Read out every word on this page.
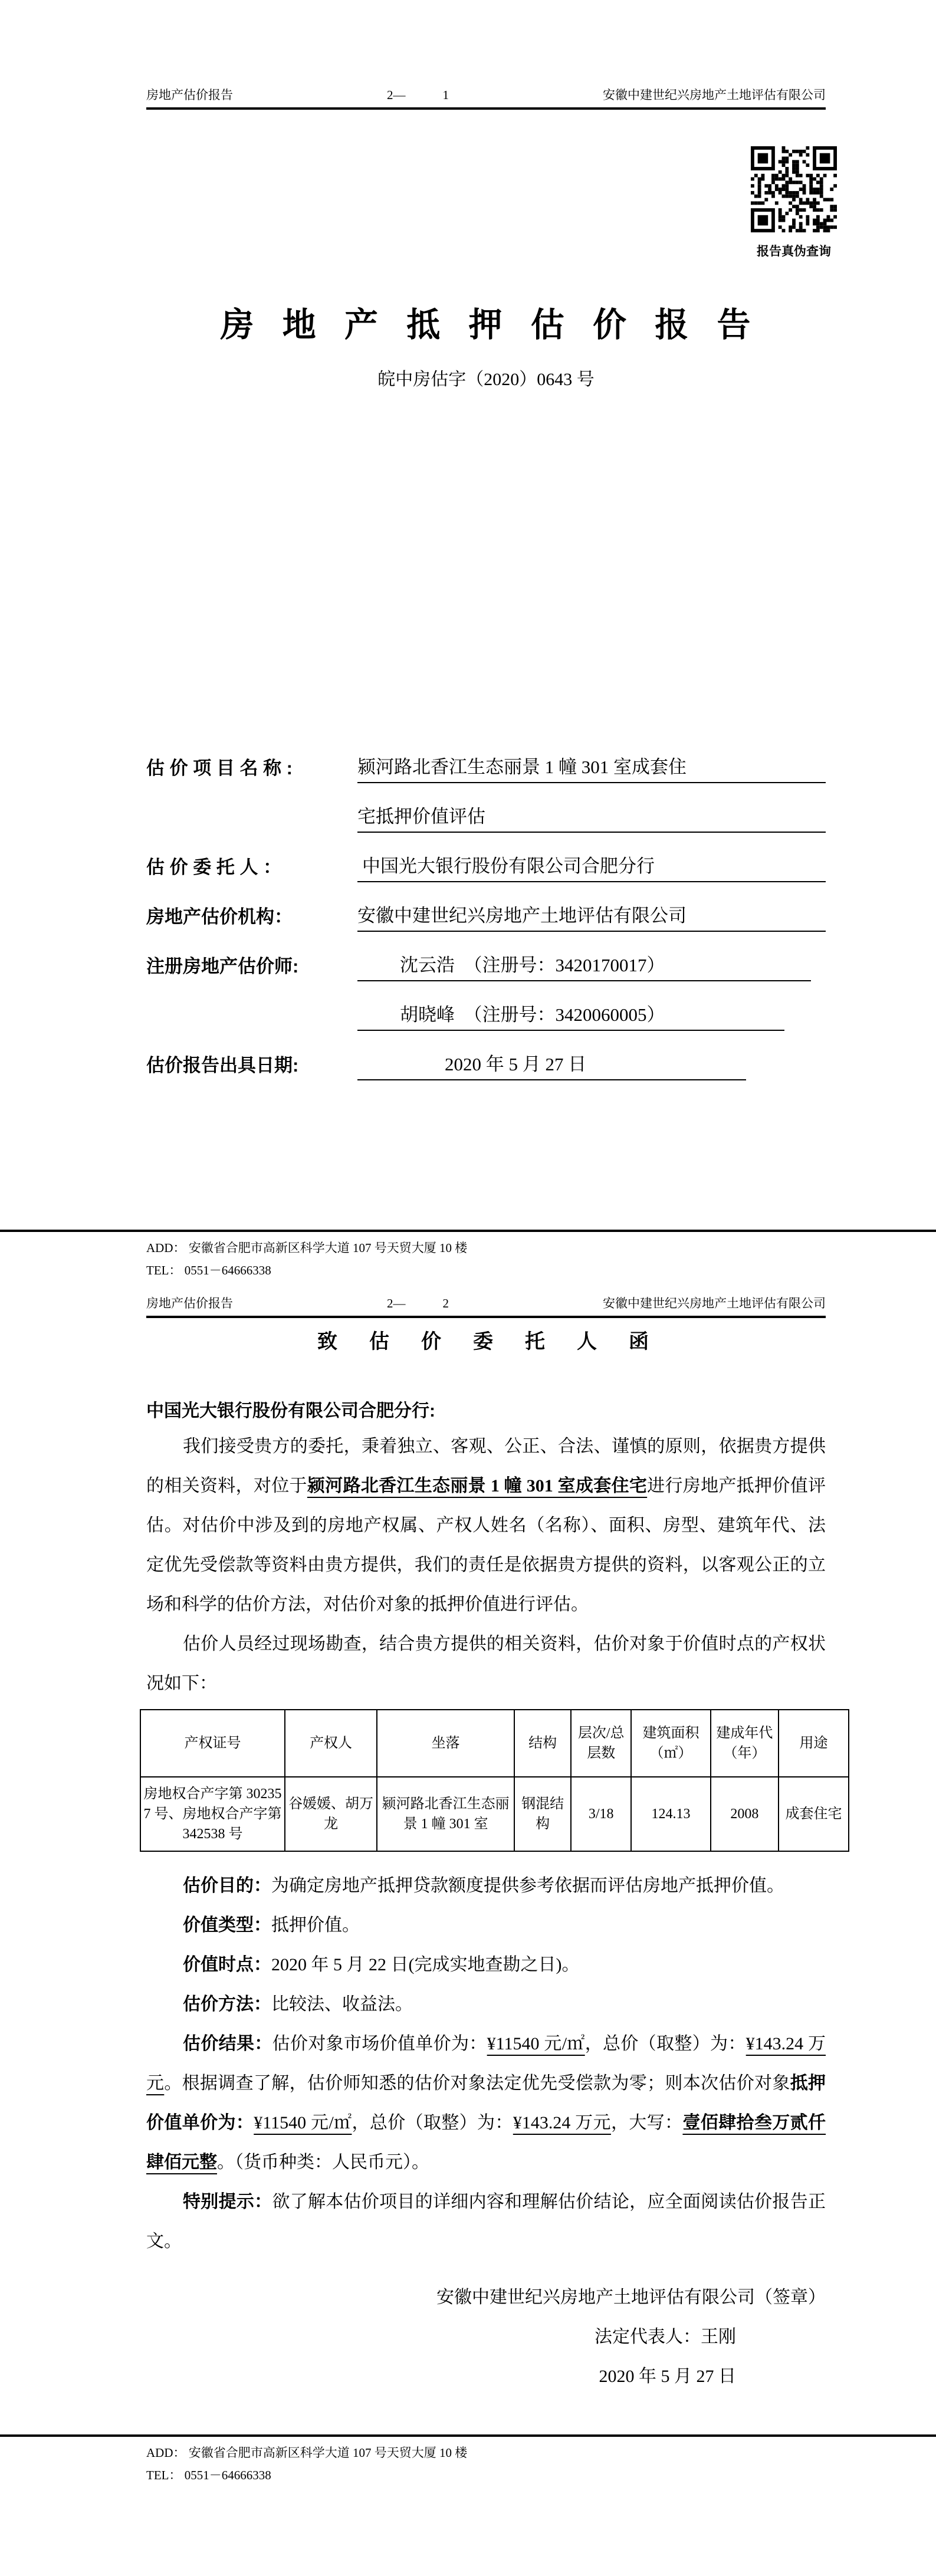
房地产估价报告	2—　　　1	安徽中建世纪兴房地产土地评估有限公司
报告真伪查询
房 地 产 抵 押 估 价 报 告
皖中房估字（2020）0643 号
估 价 项 目 名 称 :	颍河路北香江生态丽景 1 幢 301 室成套住
宅抵押价值评估
估 价 委 托 人 ：	中国光大银行股份有限公司合肥分行
房地产估价机构：	安徽中建世纪兴房地产土地评估有限公司
注册房地产估价师:	沈云浩　（注册号：3420170017）
胡晓峰　（注册号：3420060005）
估价报告出具日期:	2020 年 5 月 27 日
ADD： 安徽省合肥市高新区科学大道 107 号天贸大厦 10 楼
TEL： 0551－64666338
房地产估价报告	2—　　　2	安徽中建世纪兴房地产土地评估有限公司
致　估　价　委　托　人　函
中国光大银行股份有限公司合肥分行:

我们接受贵方的委托，秉着独立、客观、公正、合法、谨慎的原则，依据贵方提供的相关资料，对位于颍河路北香江生态丽景 1 幢 301 室成套住宅进行房地产抵押价值评估。对估价中涉及到的房地产权属、产权人姓名（名称）、面积、房型、建筑年代、法定优先受偿款等资料由贵方提供，我们的责任是依据贵方提供的资料，以客观公正的立场和科学的估价方法，对估价对象的抵押价值进行评估。

估价人员经过现场勘查，结合贵方提供的相关资料，估价对象于价值时点的产权状况如下：

产权证号	产权人	坐落	结构	层次/总层数	建筑面积（㎡）	建成年代（年）	用途
房地权合产字第 302357 号、房地权合产字第 342538 号	谷媛媛、胡万龙	颍河路北香江生态丽景 1 幢 301 室	钢混结构	3/18	124.13	2008	成套住宅

估价目的：为确定房地产抵押贷款额度提供参考依据而评估房地产抵押价值。

价值类型：抵押价值。

价值时点：2020 年 5 月 22 日(完成实地查勘之日)。

估价方法：比较法、收益法。

估价结果：估价对象市场价值单价为：¥11540 元/㎡，总价（取整）为：¥143.24 万元。根据调查了解，估价师知悉的估价对象法定优先受偿款为零；则本次估价对象抵押价值单价为：¥11540 元/㎡，总价（取整）为：¥143.24 万元，大写：壹佰肆拾叁万贰仟肆佰元整。（货币种类：人民币元）。

特别提示：欲了解本估价项目的详细内容和理解估价结论，应全面阅读估价报告正文。

安徽中建世纪兴房地产土地评估有限公司（签章）
法定代表人：王刚
2020 年 5 月 27 日
ADD： 安徽省合肥市高新区科学大道 107 号天贸大厦 10 楼
TEL： 0551－64666338
